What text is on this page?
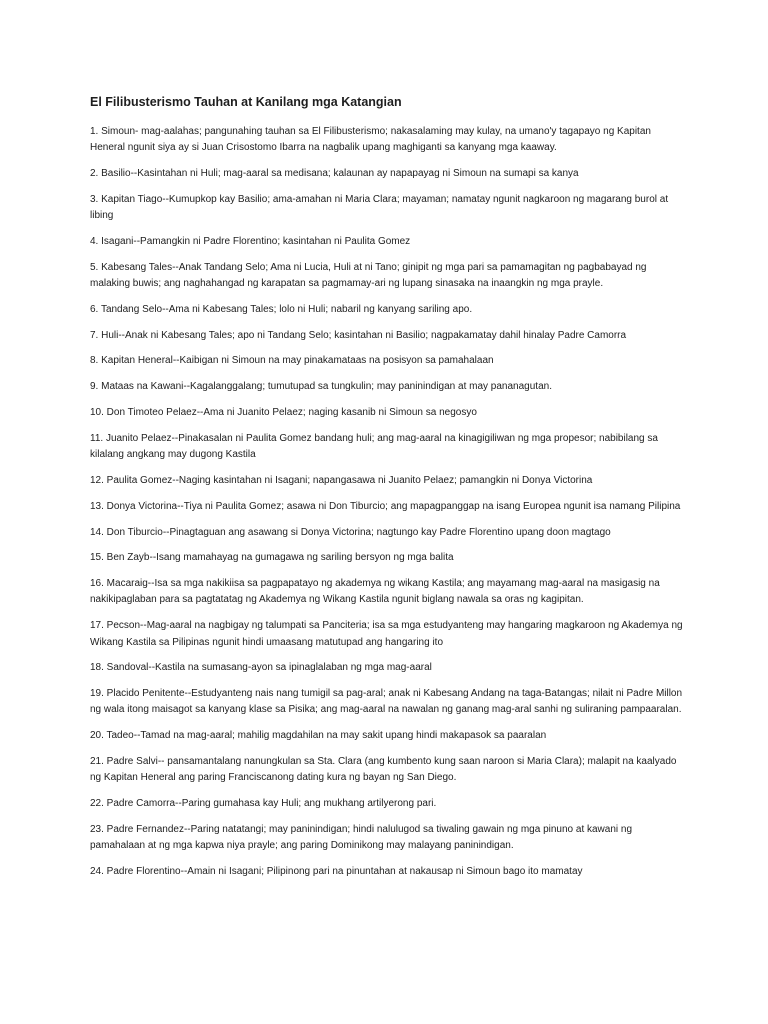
El Filibusterismo Tauhan at Kanilang mga Katangian

1. Simoun- mag-aalahas; pangunahing tauhan sa El Filibusterismo; nakasalaming may kulay, na umano'y tagapayo ng Kapitan Heneral ngunit siya ay si Juan Crisostomo Ibarra na nagbalik upang maghiganti sa kanyang mga kaaway.

2. Basilio--Kasintahan ni Huli; mag-aaral sa medisana; kalaunan ay napapayag ni Simoun na sumapi sa kanya

3. Kapitan Tiago--Kumupkop kay Basilio; ama-amahan ni Maria Clara; mayaman; namatay ngunit nagkaroon ng magarang burol at libing

4. Isagani--Pamangkin ni Padre Florentino; kasintahan ni Paulita Gomez

5. Kabesang Tales--Anak Tandang Selo; Ama ni Lucia, Huli at ni Tano; ginipit ng mga pari sa pamamagitan ng pagbabayad ng malaking buwis; ang naghahangad ng karapatan sa pagmamay-ari ng lupang sinasaka na inaangkin ng mga prayle.

6. Tandang Selo--Ama ni Kabesang Tales; lolo ni Huli; nabaril ng kanyang sariling apo.

7. Huli--Anak ni Kabesang Tales; apo ni Tandang Selo; kasintahan ni Basilio; nagpakamatay dahil hinalay Padre Camorra

8. Kapitan Heneral--Kaibigan ni Simoun na may pinakamataas na posisyon sa pamahalaan

9. Mataas na Kawani--Kagalanggalang; tumutupad sa tungkulin; may paninindigan at may pananagutan.

10. Don Timoteo Pelaez--Ama ni Juanito Pelaez; naging kasanib ni Simoun sa negosyo

11. Juanito Pelaez--Pinakasalan ni Paulita Gomez bandang huli; ang mag-aaral na kinagigiliwan ng mga propesor; nabibilang sa kilalang angkang may dugong Kastila

12. Paulita Gomez--Naging kasintahan ni Isagani; napangasawa ni Juanito Pelaez; pamangkin ni Donya Victorina

13. Donya Victorina--Tiya ni Paulita Gomez; asawa ni Don Tiburcio; ang mapagpanggap na isang Europea ngunit isa namang Pilipina

14. Don Tiburcio--Pinagtaguan ang asawang si Donya Victorina; nagtungo kay Padre Florentino upang doon magtago

15. Ben Zayb--Isang mamahayag na gumagawa ng sariling bersyon ng mga balita

16. Macaraig--Isa sa mga nakikiisa sa pagpapatayo ng akademya ng wikang Kastila; ang mayamang mag-aaral na masigasig na nakikipaglaban para sa pagtatatag ng Akademya ng Wikang Kastila ngunit biglang nawala sa oras ng kagipitan.

17. Pecson--Mag-aaral na nagbigay ng talumpati sa Panciteria; isa sa mga estudyanteng may hangaring magkaroon ng Akademya ng Wikang Kastila sa Pilipinas ngunit hindi umaasang matutupad ang hangaring ito

18. Sandoval--Kastila na sumasang-ayon sa ipinaglalaban ng mga mag-aaral

19. Placido Penitente--Estudyanteng nais nang tumigil sa pag-aral; anak ni Kabesang Andang na taga-Batangas; nilait ni Padre Millon ng wala itong maisagot sa kanyang klase sa Pisika; ang mag-aaral na nawalan ng ganang mag-aral sanhi ng suliraning pampaaralan.

20. Tadeo--Tamad na mag-aaral; mahilig magdahilan na may sakit upang hindi makapasok sa paaralan

21. Padre Salvi-- pansamantalang nanungkulan sa Sta. Clara (ang kumbento kung saan naroon si Maria Clara); malapit na kaalyado ng Kapitan Heneral ang paring Franciscanong dating kura ng bayan ng San Diego.

22. Padre Camorra--Paring gumahasa kay Huli; ang mukhang artilyerong pari.

23. Padre Fernandez--Paring natatangi; may paninindigan; hindi nalulugod sa tiwaling gawain ng mga pinuno at kawani ng pamahalaan at ng mga kapwa niya prayle; ang paring Dominikong may malayang paninindigan.

24. Padre Florentino--Amain ni Isagani; Pilipinong pari na pinuntahan at nakausap ni Simoun bago ito mamatay
